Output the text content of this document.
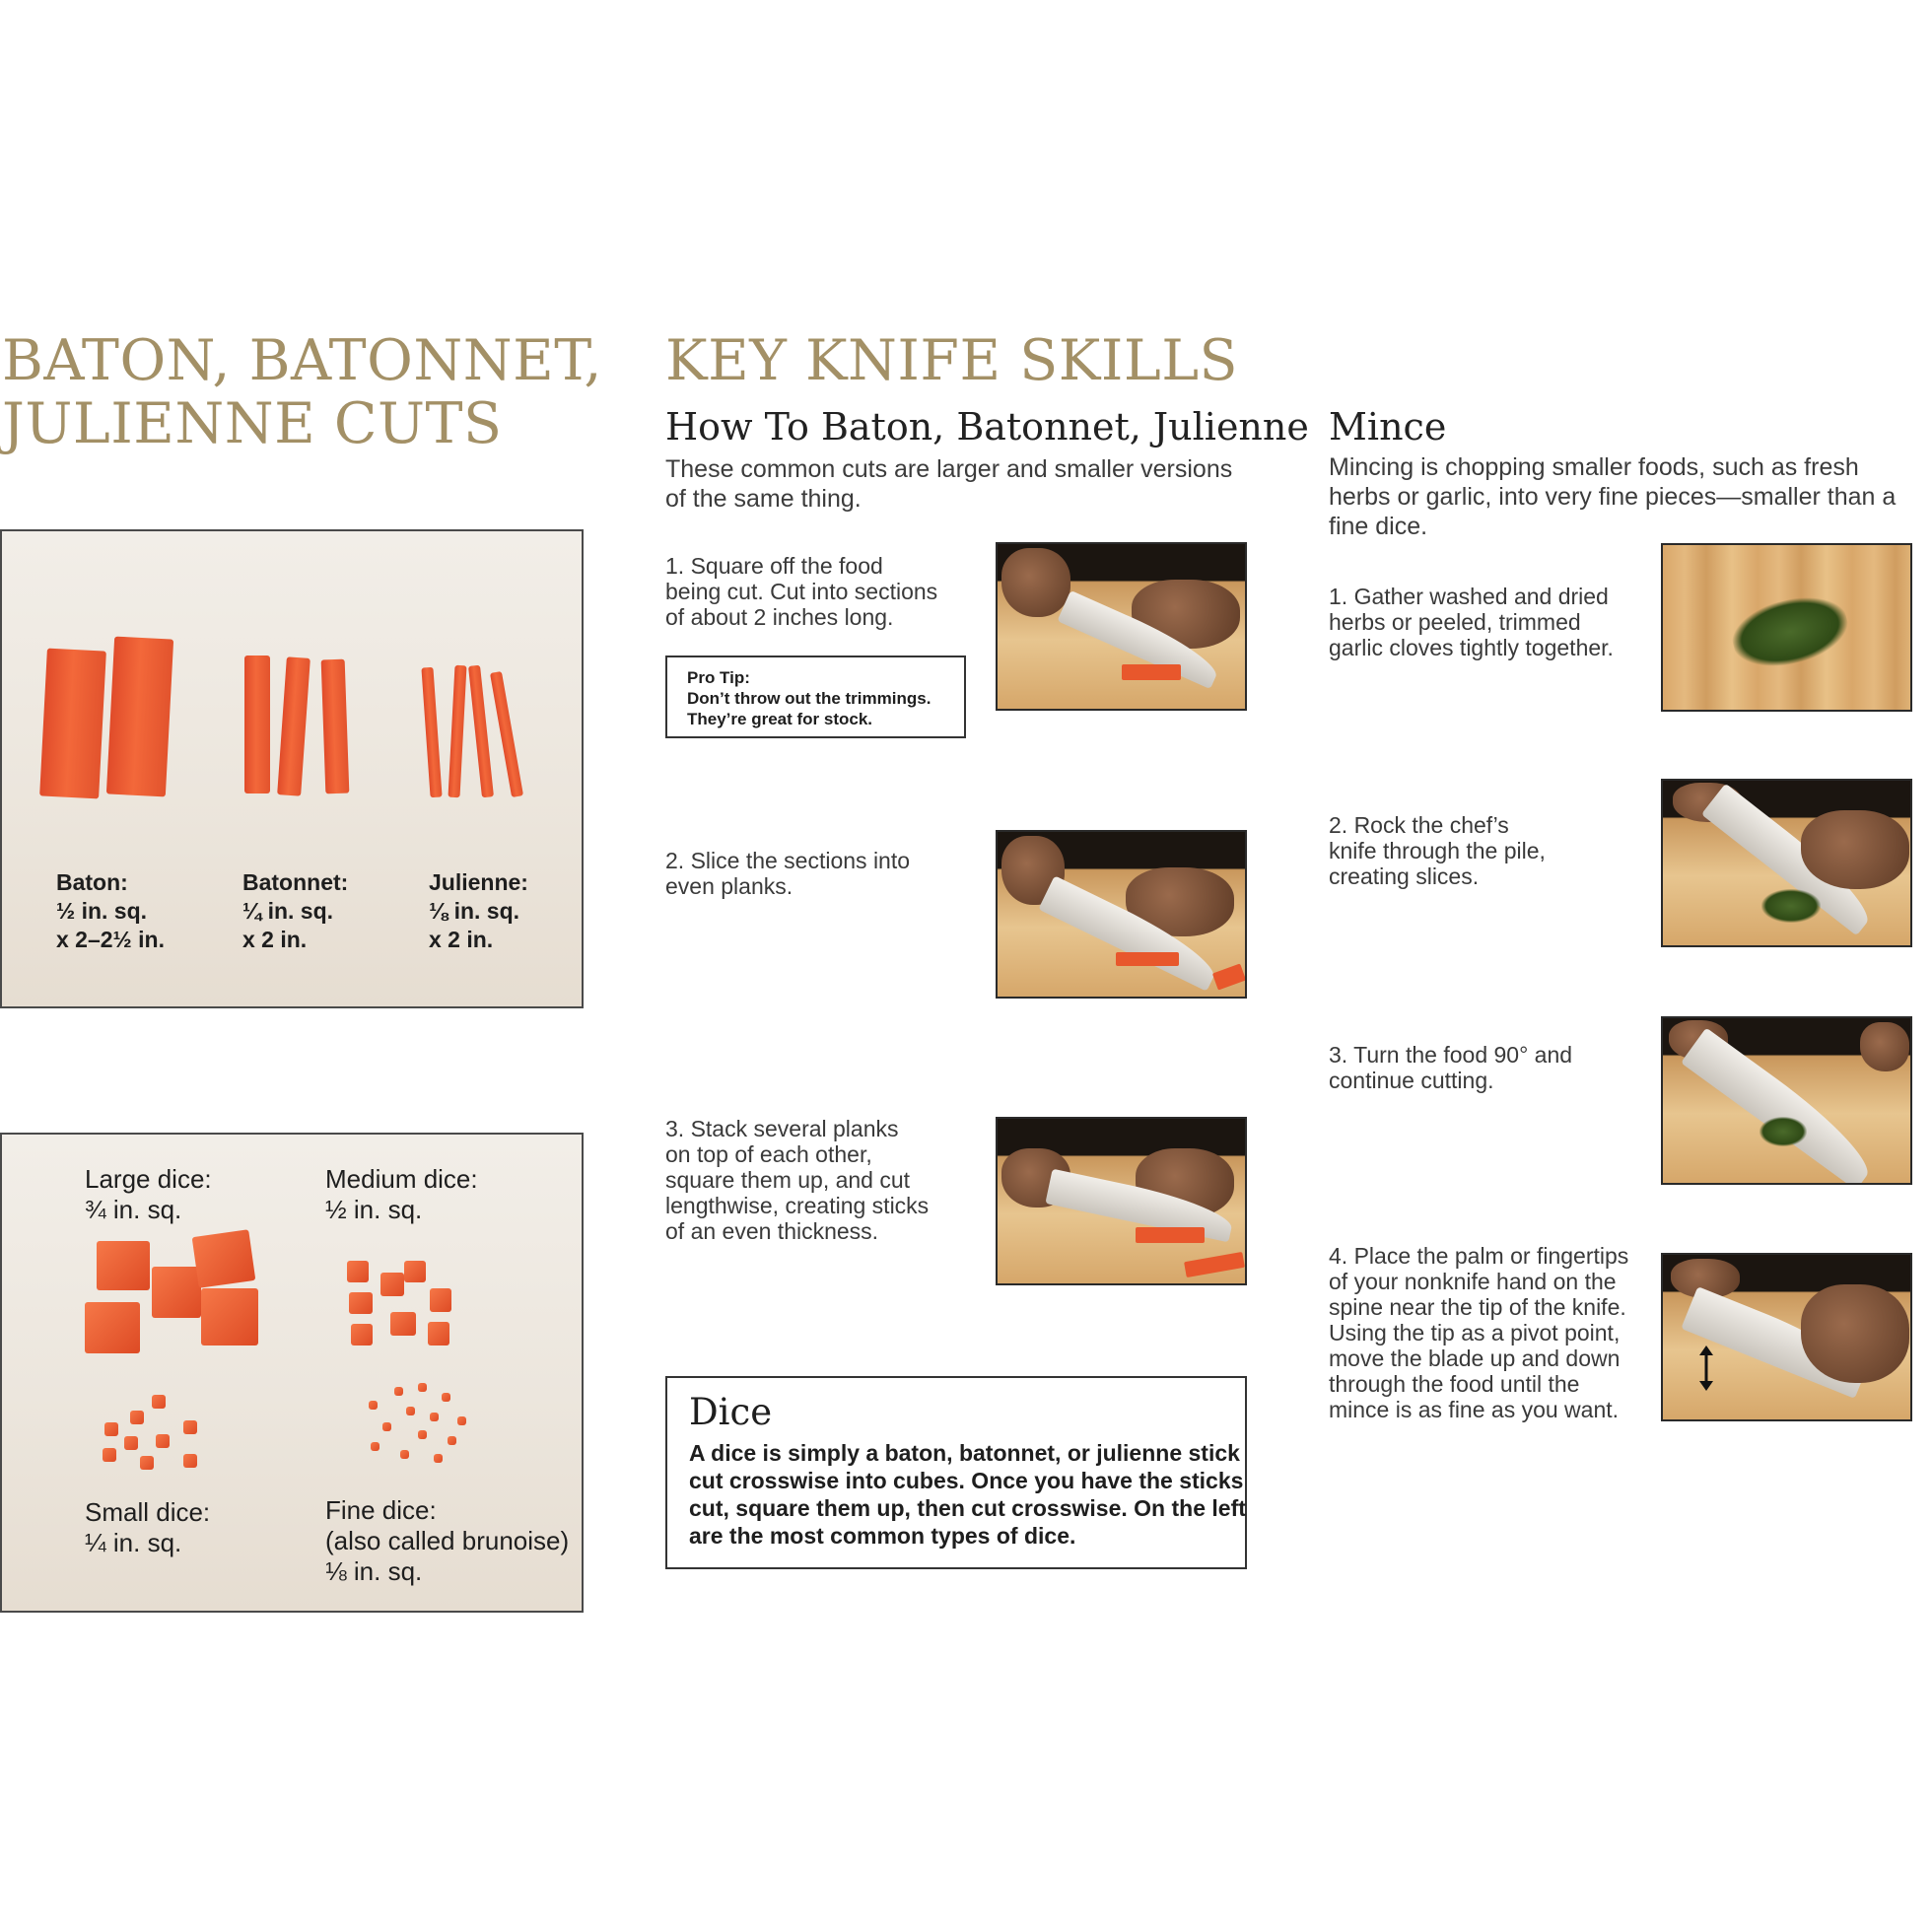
BATON, BATONNET,
JULIENNE CUTS
Baton:
½ in. sq.
x 2–2½ in.
Batonnet:
¼ in. sq.
x 2 in.
Julienne:
⅛ in. sq.
x 2 in.
Large dice:
¾ in. sq.
Medium dice:
½ in. sq.
Small dice:
¼ in. sq.
Fine dice:
(also called brunoise)
⅛ in. sq.
KEY KNIFE SKILLS
How To Baton, Batonnet, Julienne
These common cuts are larger and smaller versions
of the same thing.
1. Square off the food
being cut. Cut into sections
of about 2 inches long.
Pro Tip:
Don’t throw out the trimmings.
They’re great for stock.
2. Slice the sections into
even planks.
3. Stack several planks
on top of each other,
square them up, and cut
lengthwise, creating sticks
of an even thickness.
Dice
A dice is simply a baton, batonnet, or julienne stick
cut crosswise into cubes. Once you have the sticks
cut, square them up, then cut crosswise. On the left
are the most common types of dice.
Mince
Mincing is chopping smaller foods, such as fresh
herbs or garlic, into very fine pieces—smaller than a
fine dice.
1. Gather washed and dried
herbs or peeled, trimmed
garlic cloves tightly together.
2. Rock the chef’s
knife through the pile,
creating slices.
3. Turn the food 90° and
continue cutting.
4. Place the palm or fingertips
of your nonknife hand on the
spine near the tip of the knife.
Using the tip as a pivot point,
move the blade up and down
through the food until the
mince is as fine as you want.
